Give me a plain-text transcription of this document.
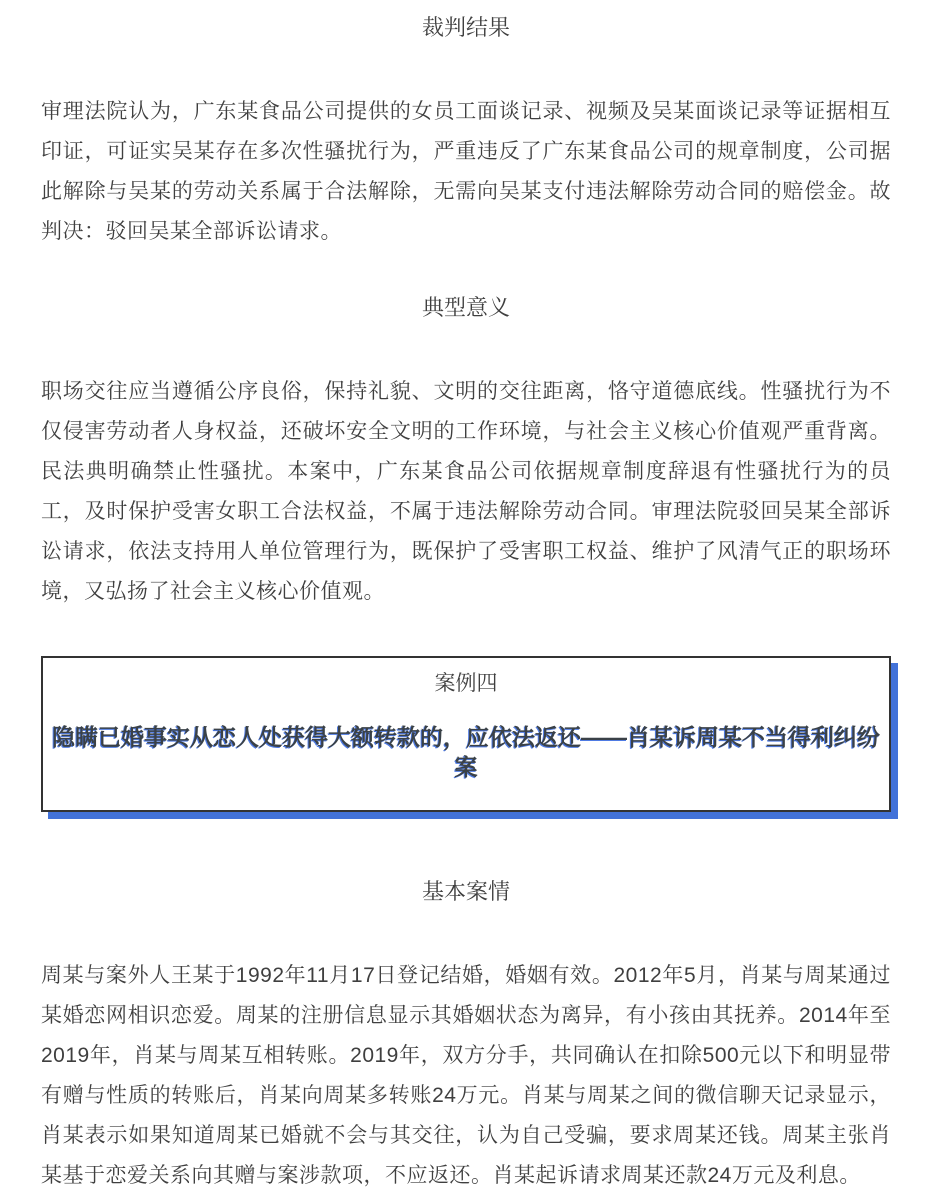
裁判结果

审理法院认为，广东某食品公司提供的女员工面谈记录、视频及吴某面谈记录等证据相互印证，可证实吴某存在多次性骚扰行为，严重违反了广东某食品公司的规章制度，公司据此解除与吴某的劳动关系属于合法解除，无需向吴某支付违法解除劳动合同的赔偿金。故判决：驳回吴某全部诉讼请求。

典型意义

职场交往应当遵循公序良俗，保持礼貌、文明的交往距离，恪守道德底线。性骚扰行为不仅侵害劳动者人身权益，还破坏安全文明的工作环境，与社会主义核心价值观严重背离。民法典明确禁止性骚扰。本案中，广东某食品公司依据规章制度辞退有性骚扰行为的员工，及时保护受害女职工合法权益，不属于违法解除劳动合同。审理法院驳回吴某全部诉讼请求，依法支持用人单位管理行为，既保护了受害职工权益、维护了风清气正的职场环境，又弘扬了社会主义核心价值观。

案例四
隐瞒已婚事实从恋人处获得大额转款的，应依法返还——肖某诉周某不当得利纠纷案
基本案情

周某与案外人王某于1992年11月17日登记结婚，婚姻有效。2012年5月，肖某与周某通过某婚恋网相识恋爱。周某的注册信息显示其婚姻状态为离异，有小孩由其抚养。2014年至2019年，肖某与周某互相转账。2019年，双方分手，共同确认在扣除500元以下和明显带有赠与性质的转账后，肖某向周某多转账24万元。肖某与周某之间的微信聊天记录显示，肖某表示如果知道周某已婚就不会与其交往，认为自己受骗，要求周某还钱。周某主张肖某基于恋爱关系向其赠与案涉款项，不应返还。肖某起诉请求周某还款24万元及利息。
